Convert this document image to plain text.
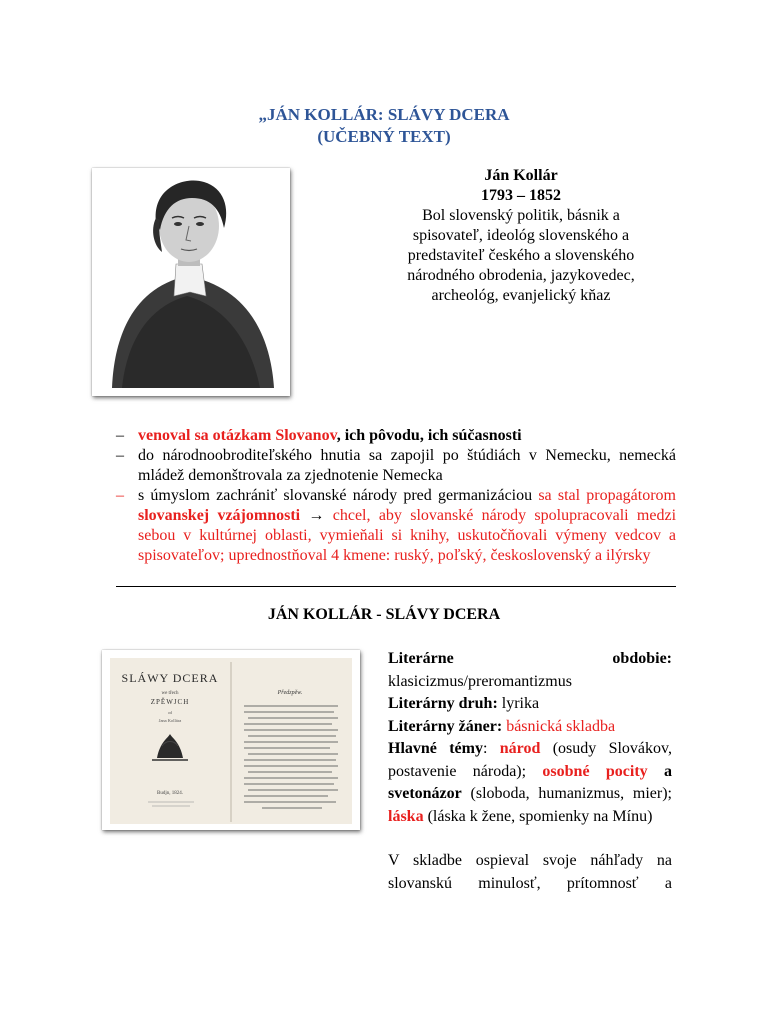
„JÁN KOLLÁR: SLÁVY DCERA
(UČEBNÝ TEXT)
Ján Kollár
1793 – 1852
Bol slovenský politik, básnik a
spisovateľ, ideológ slovenského a
predstaviteľ českého a slovenského
národného obrodenia, jazykovedec,
archeológ, evanjelický kňaz
– venoval sa otázkam Slovanov, ich pôvodu, ich súčasnosti
– do národnoobroditeľského hnutia sa zapojil po štúdiách v Nemecku, nemecká mládež demonštrovala za zjednotenie Nemecka
– s úmyslom zachrániť slovanské národy pred germanizáciou sa stal propagátorom slovanskej vzájomnosti → chcel, aby slovanské národy spolupracovali medzi sebou v kultúrnej oblasti, vymieňali si knihy, uskutočňovali výmeny vedcov a spisovateľov; uprednostňoval 4 kmene: ruský, poľský, československý a ilýrsky
JÁN KOLLÁR - SLÁVY DCERA
SLÁWY DCERA
we třech
ZPĚWJCH
od
Jana Kollára
Budjn, 1824.
Předzpěw.

Literárne	obdobie:

klasicizmus/preromantizmus

Literárny druh: lyrika

Literárny žáner: básnická skladba

Hlavné témy: národ (osudy Slovákov, postavenie národa); osobné pocity a svetonázor (sloboda, humanizmus, mier); láska (láska k žene, spomienky na Mínu)

V skladbe ospieval svoje náhľady na

slovanskú minulosť, prítomnosť a
